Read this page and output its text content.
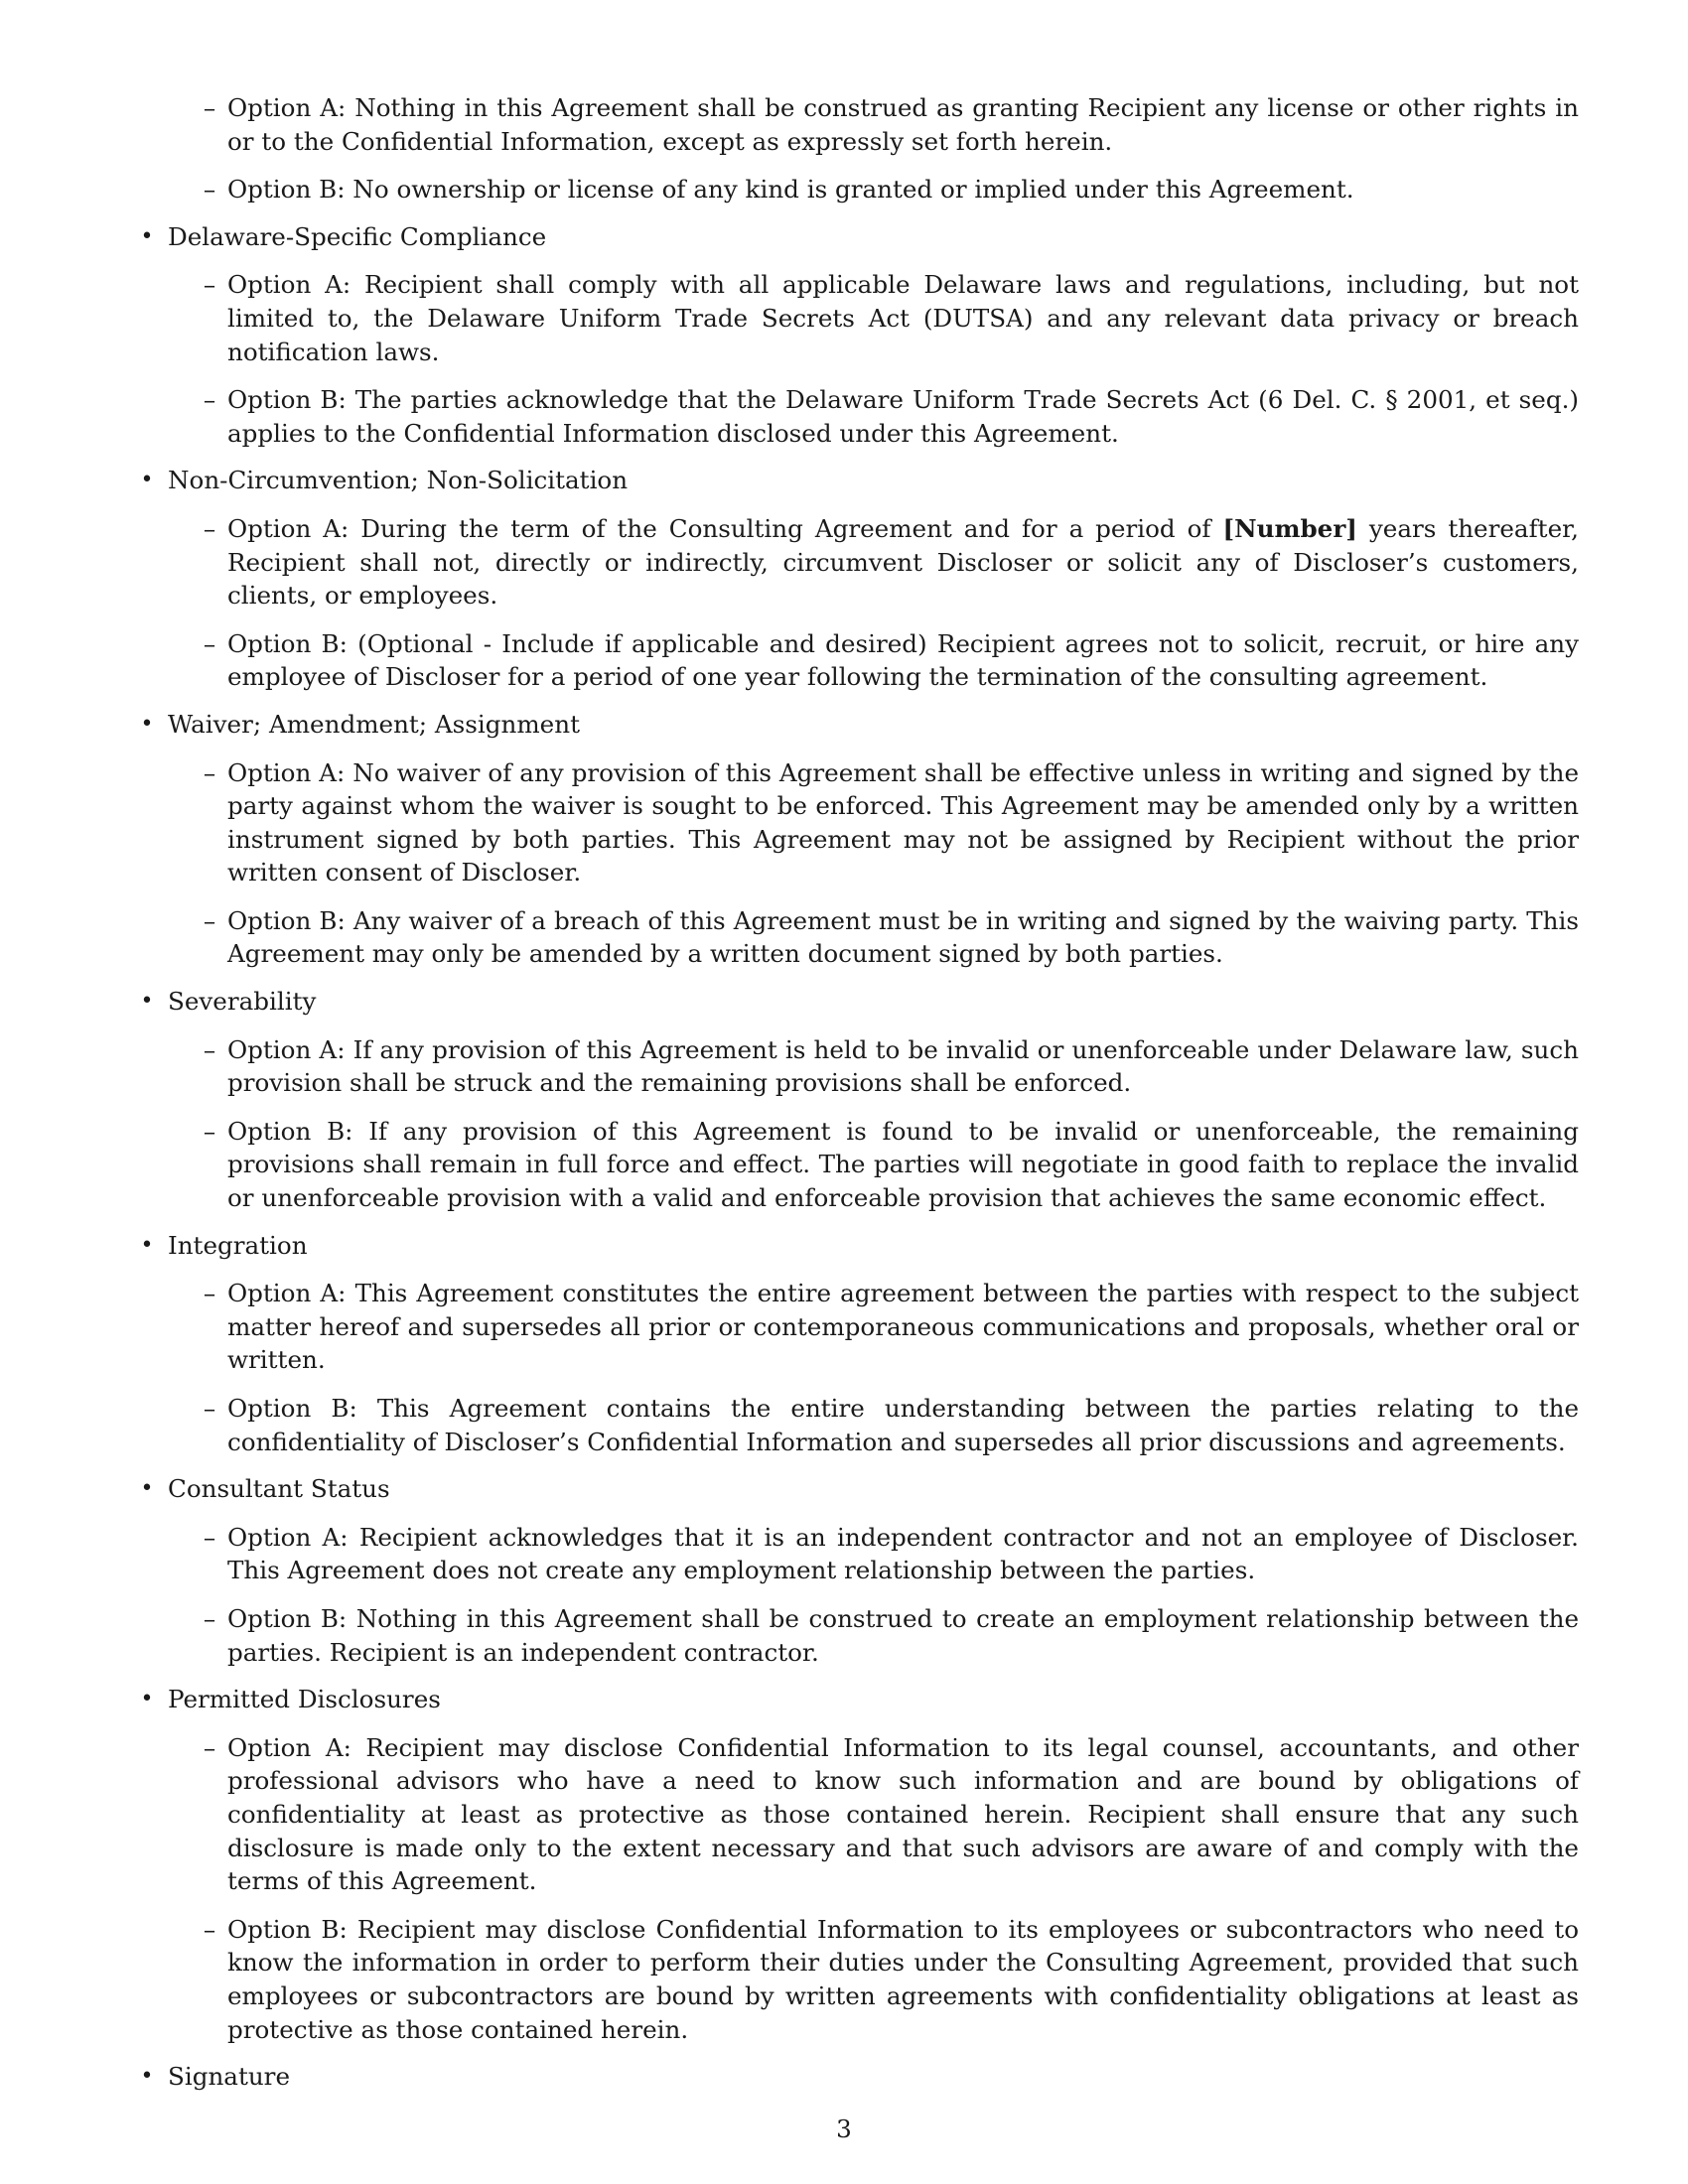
– Option A: Nothing in this Agreement shall be construed as granting Recipient any license or other rights in or to the Confidential Information, except as expressly set forth herein.
– Option B: No ownership or license of any kind is granted or implied under this Agreement.
• Delaware-Specific Compliance
– Option A: Recipient shall comply with all applicable Delaware laws and regulations, including, but not limited to, the Delaware Uniform Trade Secrets Act (DUTSA) and any relevant data privacy or breach notification laws.
– Option B: The parties acknowledge that the Delaware Uniform Trade Secrets Act (6 Del. C. § 2001, et seq.) applies to the Confidential Information disclosed under this Agreement.
• Non-Circumvention; Non-Solicitation
– Option A: During the term of the Consulting Agreement and for a period of [Number] years thereafter, Recipient shall not, directly or indirectly, circumvent Discloser or solicit any of Discloser’s customers, clients, or employees.
– Option B: (Optional - Include if applicable and desired) Recipient agrees not to solicit, recruit, or hire any employee of Discloser for a period of one year following the termination of the consulting agreement.
• Waiver; Amendment; Assignment
– Option A: No waiver of any provision of this Agreement shall be effective unless in writing and signed by the party against whom the waiver is sought to be enforced. This Agreement may be amended only by a written instrument signed by both parties. This Agreement may not be assigned by Recipient without the prior written consent of Discloser.
– Option B: Any waiver of a breach of this Agreement must be in writing and signed by the waiving party. This Agreement may only be amended by a written document signed by both parties.
• Severability
– Option A: If any provision of this Agreement is held to be invalid or unenforceable under Delaware law, such provision shall be struck and the remaining provisions shall be enforced.
– Option B: If any provision of this Agreement is found to be invalid or unenforceable, the remaining provisions shall remain in full force and effect. The parties will negotiate in good faith to replace the invalid or unenforceable provision with a valid and enforceable provision that achieves the same economic effect.
• Integration
– Option A: This Agreement constitutes the entire agreement between the parties with respect to the subject matter hereof and supersedes all prior or contemporaneous communications and proposals, whether oral or written.
– Option B: This Agreement contains the entire understanding between the parties relating to the confidentiality of Discloser’s Confidential Information and supersedes all prior discussions and agreements.
• Consultant Status
– Option A: Recipient acknowledges that it is an independent contractor and not an employee of Discloser. This Agreement does not create any employment relationship between the parties.
– Option B: Nothing in this Agreement shall be construed to create an employment relationship between the parties. Recipient is an independent contractor.
• Permitted Disclosures
– Option A: Recipient may disclose Confidential Information to its legal counsel, accountants, and other professional advisors who have a need to know such information and are bound by obligations of confidentiality at least as protective as those contained herein. Recipient shall ensure that any such disclosure is made only to the extent necessary and that such advisors are aware of and comply with the terms of this Agreement.
– Option B: Recipient may disclose Confidential Information to its employees or subcontractors who need to know the information in order to perform their duties under the Consulting Agreement, provided that such employees or subcontractors are bound by written agreements with confidentiality obligations at least as protective as those contained herein.
• Signature
3
